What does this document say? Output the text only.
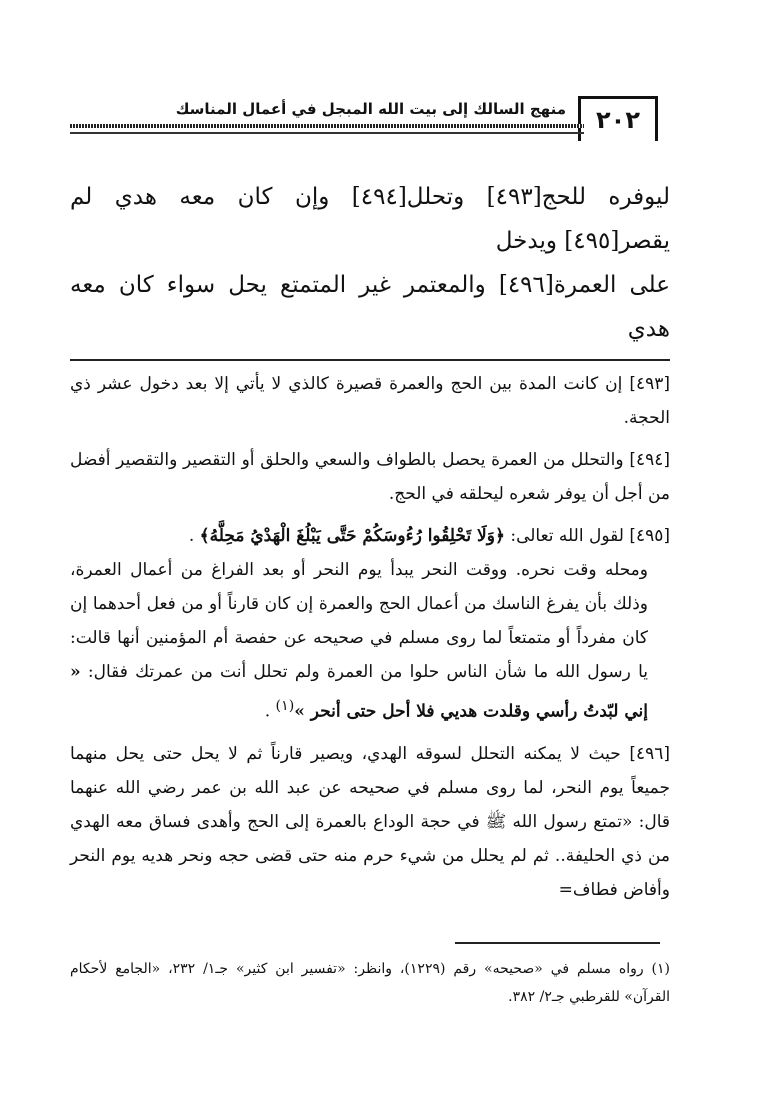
٢٠٢
منهج السالك إلى بيت الله المبجل في أعمال المناسك
ليوفره للحج[٤٩٣] وتحلل[٤٩٤] وإن كان معه هدي لم يقصر[٤٩٥] ويدخل
على العمرة[٤٩٦] والمعتمر غير المتمتع يحل سواء كان معه هدي
[٤٩٣] إن كانت المدة بين الحج والعمرة قصيرة كالذي لا يأتي إلا بعد دخول عشر ذي الحجة.
[٤٩٤] والتحلل من العمرة يحصل بالطواف والسعي والحلق أو التقصير والتقصير أفضل من أجل أن يوفر شعره ليحلقه في الحج.
[٤٩٥] لقول الله تعالى: ﴿وَلَا تَحْلِقُوا رُءُوسَكُمْ حَتَّى يَبْلُغَ الْهَدْيُ مَحِلَّهُ﴾ .
ومحله وقت نحره. ووقت النحر يبدأ يوم النحر أو بعد الفراغ من أعمال العمرة، وذلك بأن يفرغ الناسك من أعمال الحج والعمرة إن كان قارناً أو من فعل أحدهما إن كان مفرداً أو متمتعاً لما روى مسلم في صحيحه عن حفصة أم المؤمنين أنها قالت: يا رسول الله ما شأن الناس حلوا من العمرة ولم تحلل أنت من عمرتك فقال: « إني لبّدتُ رأسي وقلدت هديي فلا أحل حتى أنحر »$^{(١)}$ .
[٤٩٦] حيث لا يمكنه التحلل لسوقه الهدي، ويصير قارناً ثم لا يحل حتى يحل منهما جميعاً يوم النحر، لما روى مسلم في صحيحه عن عبد الله بن عمر رضي الله عنهما قال: «تمتع رسول الله ﷺ في حجة الوداع بالعمرة إلى الحج وأهدى فساق معه الهدي من ذي الحليفة.. ثم لم يحلل من شيء حرم منه حتى قضى حجه ونحر هديه يوم النحر وأفاض فطاف=
(١) رواه مسلم في «صحيحه» رقم (١٢٢٩)، وانظر: «تفسير ابن كثير» جـ١/ ٢٣٢، «الجامع لأحكام القرآن» للقرطبي جـ٢/ ٣٨٢.
